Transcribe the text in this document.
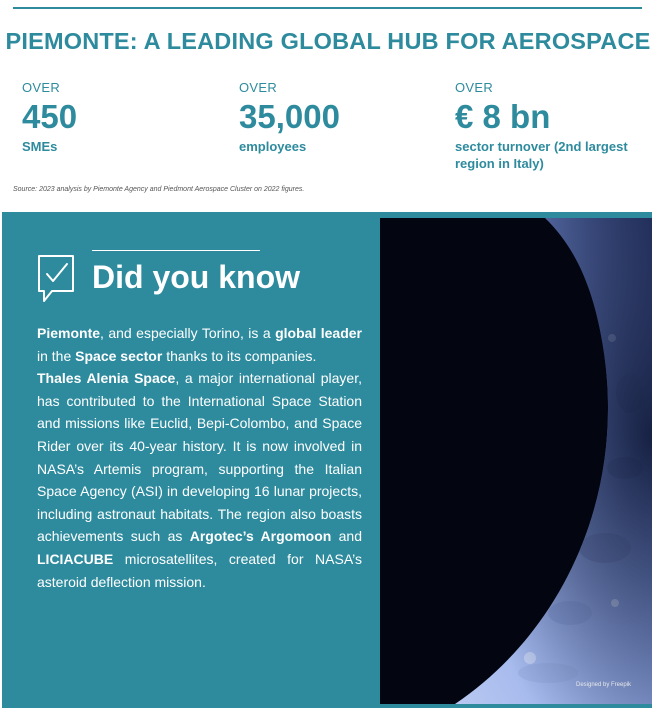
PIEMONTE: A LEADING GLOBAL HUB FOR AEROSPACE
OVER
450
SMEs
OVER
35,000
employees
OVER
€ 8 bn
sector turnover (2nd largest region in Italy)
Source: 2023 analysis by Piemonte Agency and Piedmont Aerospace Cluster on 2022 figures.
Did you know
Piemonte, and especially Torino, is a global leader in the Space sector thanks to its companies.
Thales Alenia Space, a major international player, has contributed to the International Space Station and missions like Euclid, Bepi-Colombo, and Space Rider over its 40-year history. It is now involved in NASA’s Artemis program, supporting the Italian Space Agency (ASI) in developing 16 lunar projects, including astronaut habitats. The region also boasts achievements such as Argotec’s Argomoon and LICIACUBE microsatellites, created for NASA’s asteroid deflection mission.
Designed by Freepik
